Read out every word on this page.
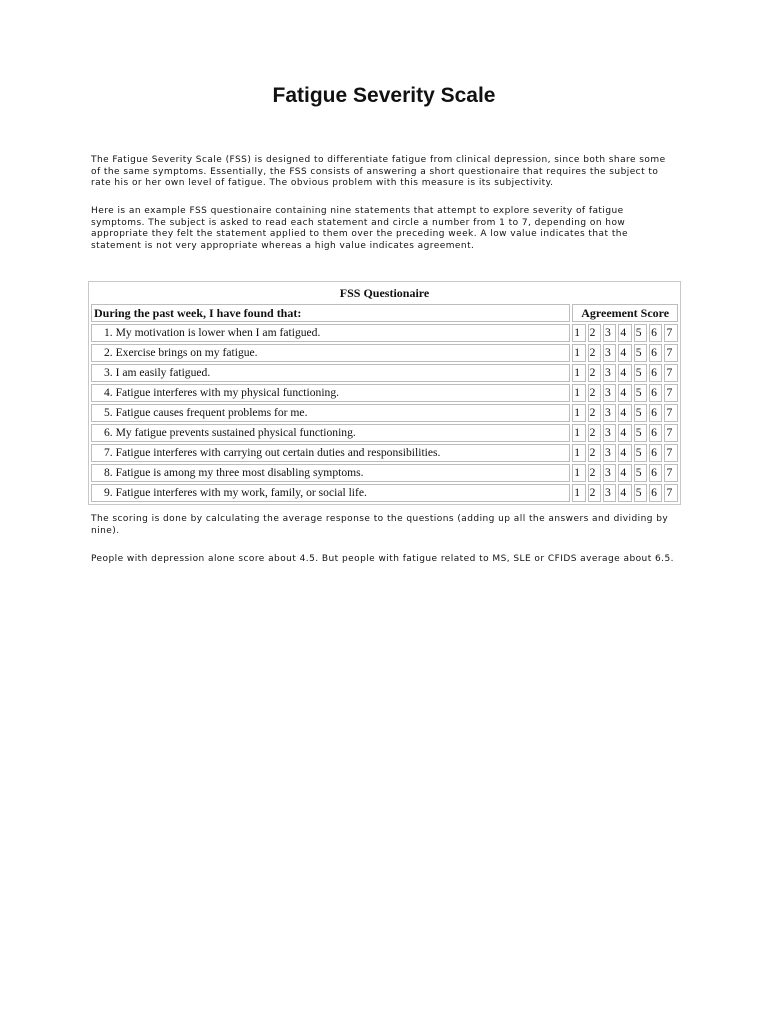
Fatigue Severity Scale

The Fatigue Severity Scale (FSS) is designed to differentiate fatigue from clinical depression, since both share some of the same symptoms. Essentially, the FSS consists of answering a short questionaire that requires the subject to rate his or her own level of fatigue. The obvious problem with this measure is its subjectivity.

Here is an example FSS questionaire containing nine statements that attempt to explore severity of fatigue symptoms. The subject is asked to read each statement and circle a number from 1 to 7, depending on how appropriate they felt the statement applied to them over the preceding week. A low value indicates that the statement is not very appropriate whereas a high value indicates agreement.

FSS Questionaire							
During the past week, I have found that:	Agreement Score						
1. My motivation is lower when I am fatigued.	1	2	3	4	5	6	7
2. Exercise brings on my fatigue.	1	2	3	4	5	6	7
3. I am easily fatigued.	1	2	3	4	5	6	7
4. Fatigue interferes with my physical functioning.	1	2	3	4	5	6	7
5. Fatigue causes frequent problems for me.	1	2	3	4	5	6	7
6. My fatigue prevents sustained physical functioning.	1	2	3	4	5	6	7
7. Fatigue interferes with carrying out certain duties and responsibilities.	1	2	3	4	5	6	7
8. Fatigue is among my three most disabling symptoms.	1	2	3	4	5	6	7
9. Fatigue interferes with my work, family, or social life.	1	2	3	4	5	6	7

The scoring is done by calculating the average response to the questions (adding up all the answers and dividing by nine).

People with depression alone score about 4.5. But people with fatigue related to MS, SLE or CFIDS average about 6.5.
